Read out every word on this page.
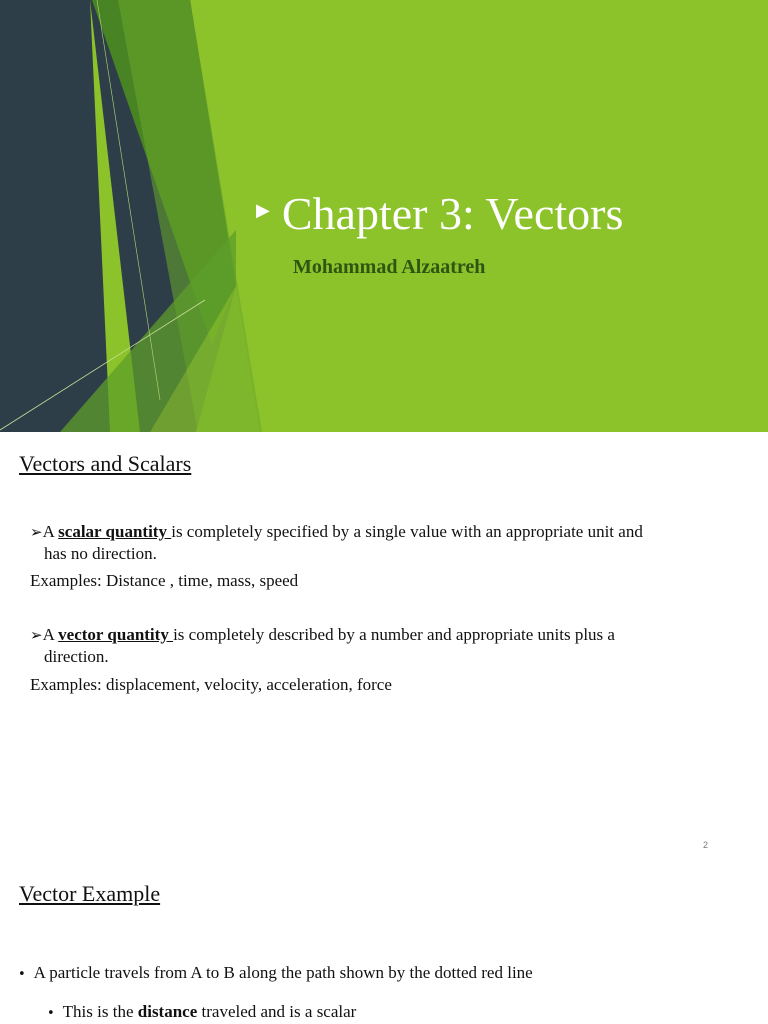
▶ Chapter 3: Vectors
Mohammad Alzaatreh
Vectors and Scalars
➢A scalar quantity is completely specified by a single value with an appropriate unit and
has no direction.
Examples: Distance , time, mass, speed
➢A vector quantity is completely described by a number and appropriate units plus a
direction.
Examples: displacement, velocity, acceleration, force
2
Vector Example
• A particle travels from A to B along the path shown by the dotted red line
• This is the distance traveled and is a scalar
